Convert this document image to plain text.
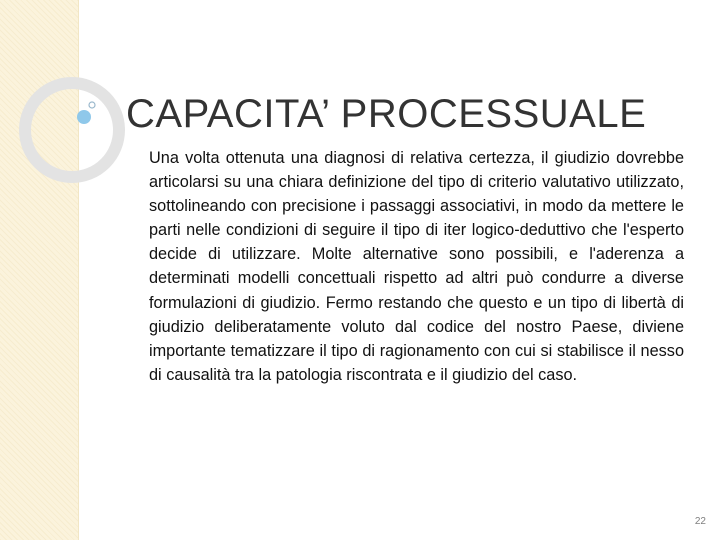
CAPACITA’ PROCESSUALE

Una volta ottenuta una diagnosi di relativa certezza, il giudizio dovrebbe articolarsi su una chiara definizione del tipo di criterio valutativo utilizzato, sottolineando con precisione i passaggi associativi, in modo da mettere le parti nelle condizioni di seguire il tipo di iter logico-deduttivo che l'esperto decide di utilizzare. Molte alternative sono possibili, e l'aderenza a determinati modelli concettuali rispetto ad altri può condurre a diverse formulazioni di giudizio. Fermo restando che questo e un tipo di libertà di giudizio deliberatamente voluto dal codice del nostro Paese, diviene importante tematizzare il tipo di ragionamento con cui si stabilisce il nesso di causalità tra la patologia riscontrata e il giudizio del caso.

22
